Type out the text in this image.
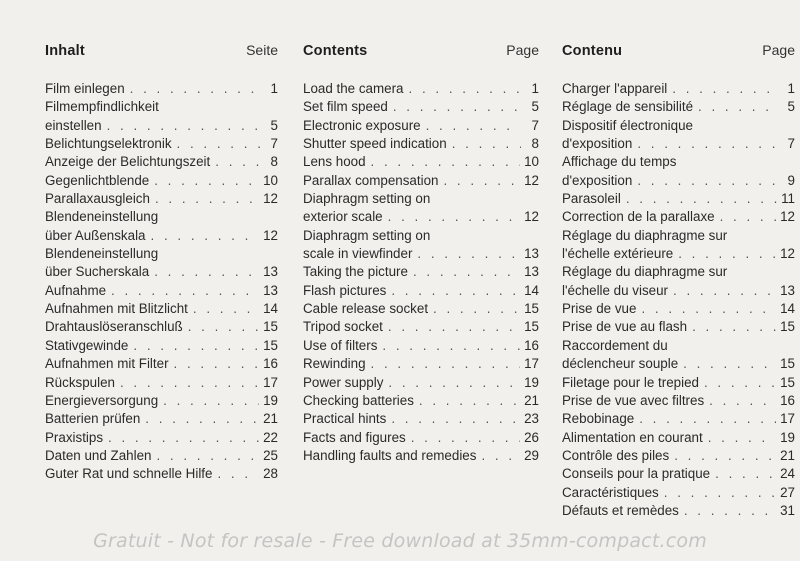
Inhalt	Seite
Film einlegen . . .	1
Filmempfindlichkeit
einstellen . . .	5
Belichtungselektronik . . .	7
Anzeige der Belichtungszeit . . .	8
Gegenlichtblende . . .	10
Parallaxausgleich . . .	12
Blendeneinstellung
über Außenskala . . .	12
Blendeneinstellung
über Sucherskala . . .	13
Aufnahme . . .	13
Aufnahmen mit Blitzlicht . . .	14
Drahtauslöseranschluß . . .	15
Stativgewinde . . .	15
Aufnahmen mit Filter . . .	16
Rückspulen . . .	17
Energieversorgung . . .	19
Batterien prüfen . . .	21
Praxistips . . .	22
Daten und Zahlen . . .	25
Guter Rat und schnelle Hilfe . . .	28
Contents	Page
Load the camera . . .	1
Set film speed . . .	5
Electronic exposure . . .	7
Shutter speed indication . . .	8
Lens hood . . .	10
Parallax compensation . . .	12
Diaphragm setting on
exterior scale . . .	12
Diaphragm setting on
scale in viewfinder . . .	13
Taking the picture . . .	13
Flash pictures . . .	14
Cable release socket . . .	15
Tripod socket . . .	15
Use of filters . . .	16
Rewinding . . .	17
Power supply . . .	19
Checking batteries . . .	21
Practical hints . . .	23
Facts and figures . . .	26
Handling faults and remedies . . .	29
Contenu	Page
Charger l'appareil . . .	1
Réglage de sensibilité . . .	5
Dispositif électronique
d'exposition . . .	7
Affichage du temps
d'exposition . . .	9
Parasoleil . . .	11
Correction de la parallaxe . . .	12
Réglage du diaphragme sur
l'échelle extérieure . . .	12
Réglage du diaphragme sur
l'échelle du viseur . . .	13
Prise de vue . . .	14
Prise de vue au flash . . .	15
Raccordement du
déclencheur souple . . .	15
Filetage pour le trepied . . .	15
Prise de vue avec filtres . . .	16
Rebobinage . . .	17
Alimentation en courant . . .	19
Contrôle des piles . . .	21
Conseils pour la pratique . . .	24
Caractéristiques . . .	27
Défauts et remèdes . . .	31
Gratuit - Not for resale - Free download at 35mm-compact.com
